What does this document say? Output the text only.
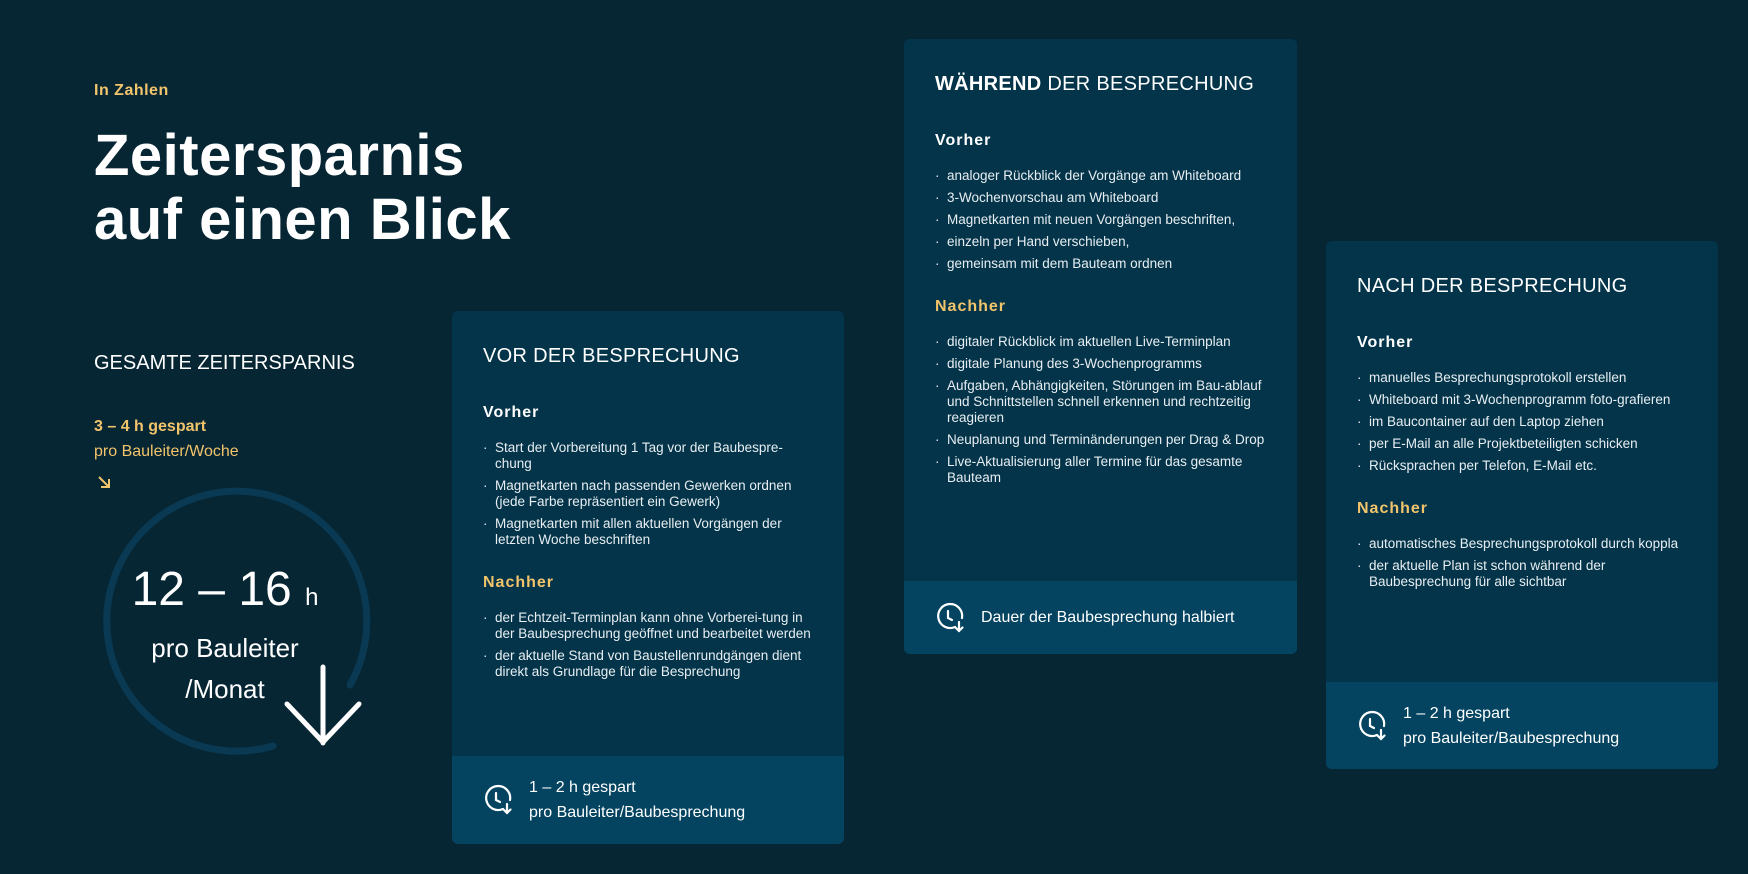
In Zahlen
Zeitersparnis
auf einen Blick
GESAMTE ZEITERSPARNIS
3 – 4 h gespart
pro Bauleiter/Woche
12 – 16 h
pro Bauleiter
/Monat
VOR DER BESPRECHUNG
Vorher
· Start der Vorbereitung 1 Tag vor der Baubespre-chung
· Magnetkarten nach passenden Gewerken ordnen (jede Farbe repräsentiert ein Gewerk)
· Magnetkarten mit allen aktuellen Vorgängen der letzten Woche beschriften
Nachher
· der Echtzeit-Terminplan kann ohne Vorberei-tung in der Baubesprechung geöffnet und bearbeitet werden
· der aktuelle Stand von Baustellenrundgängen dient direkt als Grundlage für die Besprechung
1 – 2 h gespart
pro Bauleiter/Baubesprechung
WÄHREND DER BESPRECHUNG
Vorher
· analoger Rückblick der Vorgänge am Whiteboard
· 3-Wochenvorschau am Whiteboard
· Magnetkarten mit neuen Vorgängen beschriften,
· einzeln per Hand verschieben,
· gemeinsam mit dem Bauteam ordnen
Nachher
· digitaler Rückblick im aktuellen Live-Terminplan
· digitale Planung des 3-Wochenprogramms
· Aufgaben, Abhängigkeiten, Störungen im Bau-ablauf und Schnittstellen schnell erkennen und rechtzeitig reagieren
· Neuplanung und Terminänderungen per Drag & Drop
· Live-Aktualisierung aller Termine für das gesamte Bauteam
Dauer der Baubesprechung halbiert
NACH DER BESPRECHUNG
Vorher
· manuelles Besprechungsprotokoll erstellen
· Whiteboard mit 3-Wochenprogramm foto-grafieren
· im Baucontainer auf den Laptop ziehen
· per E-Mail an alle Projektbeteiligten schicken
· Rücksprachen per Telefon, E-Mail etc.
Nachher
· automatisches Besprechungsprotokoll durch koppla
· der aktuelle Plan ist schon während der Baubesprechung für alle sichtbar
1 – 2 h gespart
pro Bauleiter/Baubesprechung
